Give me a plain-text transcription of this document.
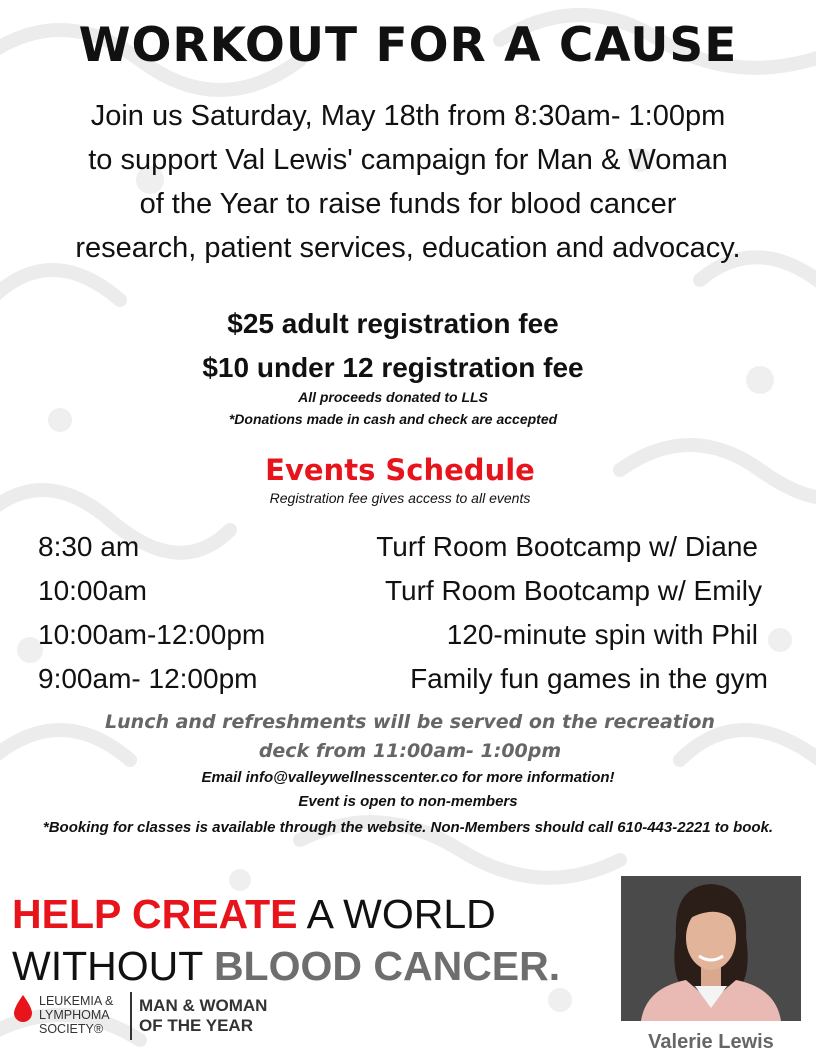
WORKOUT FOR A CAUSE
Join us Saturday, May 18th from 8:30am- 1:00pm
to support Val Lewis' campaign for Man & Woman
of the Year to raise funds for blood cancer
research, patient services, education and advocacy.
$25 adult registration fee
$10 under 12 registration fee
All proceeds donated to LLS
*Donations made in cash and check are accepted
Events Schedule
Registration fee gives access to all events
8:30 am	Turf Room Bootcamp w/ Diane
10:00am	Turf Room Bootcamp w/ Emily
10:00am-12:00pm	120-minute spin with Phil
9:00am- 12:00pm	Family fun games in the gym
Lunch and refreshments will be served on the recreation
deck from 11:00am- 1:00pm
Email info@valleywellnesscenter.co for more information!
Event is open to non-members
*Booking for classes is available through the website. Non-Members should call 610-443-2221 to book.
HELP CREATE A WORLD
WITHOUT BLOOD CANCER.
LEUKEMIA &
LYMPHOMA
SOCIETY®
MAN & WOMAN
OF THE YEAR
Valerie Lewis
